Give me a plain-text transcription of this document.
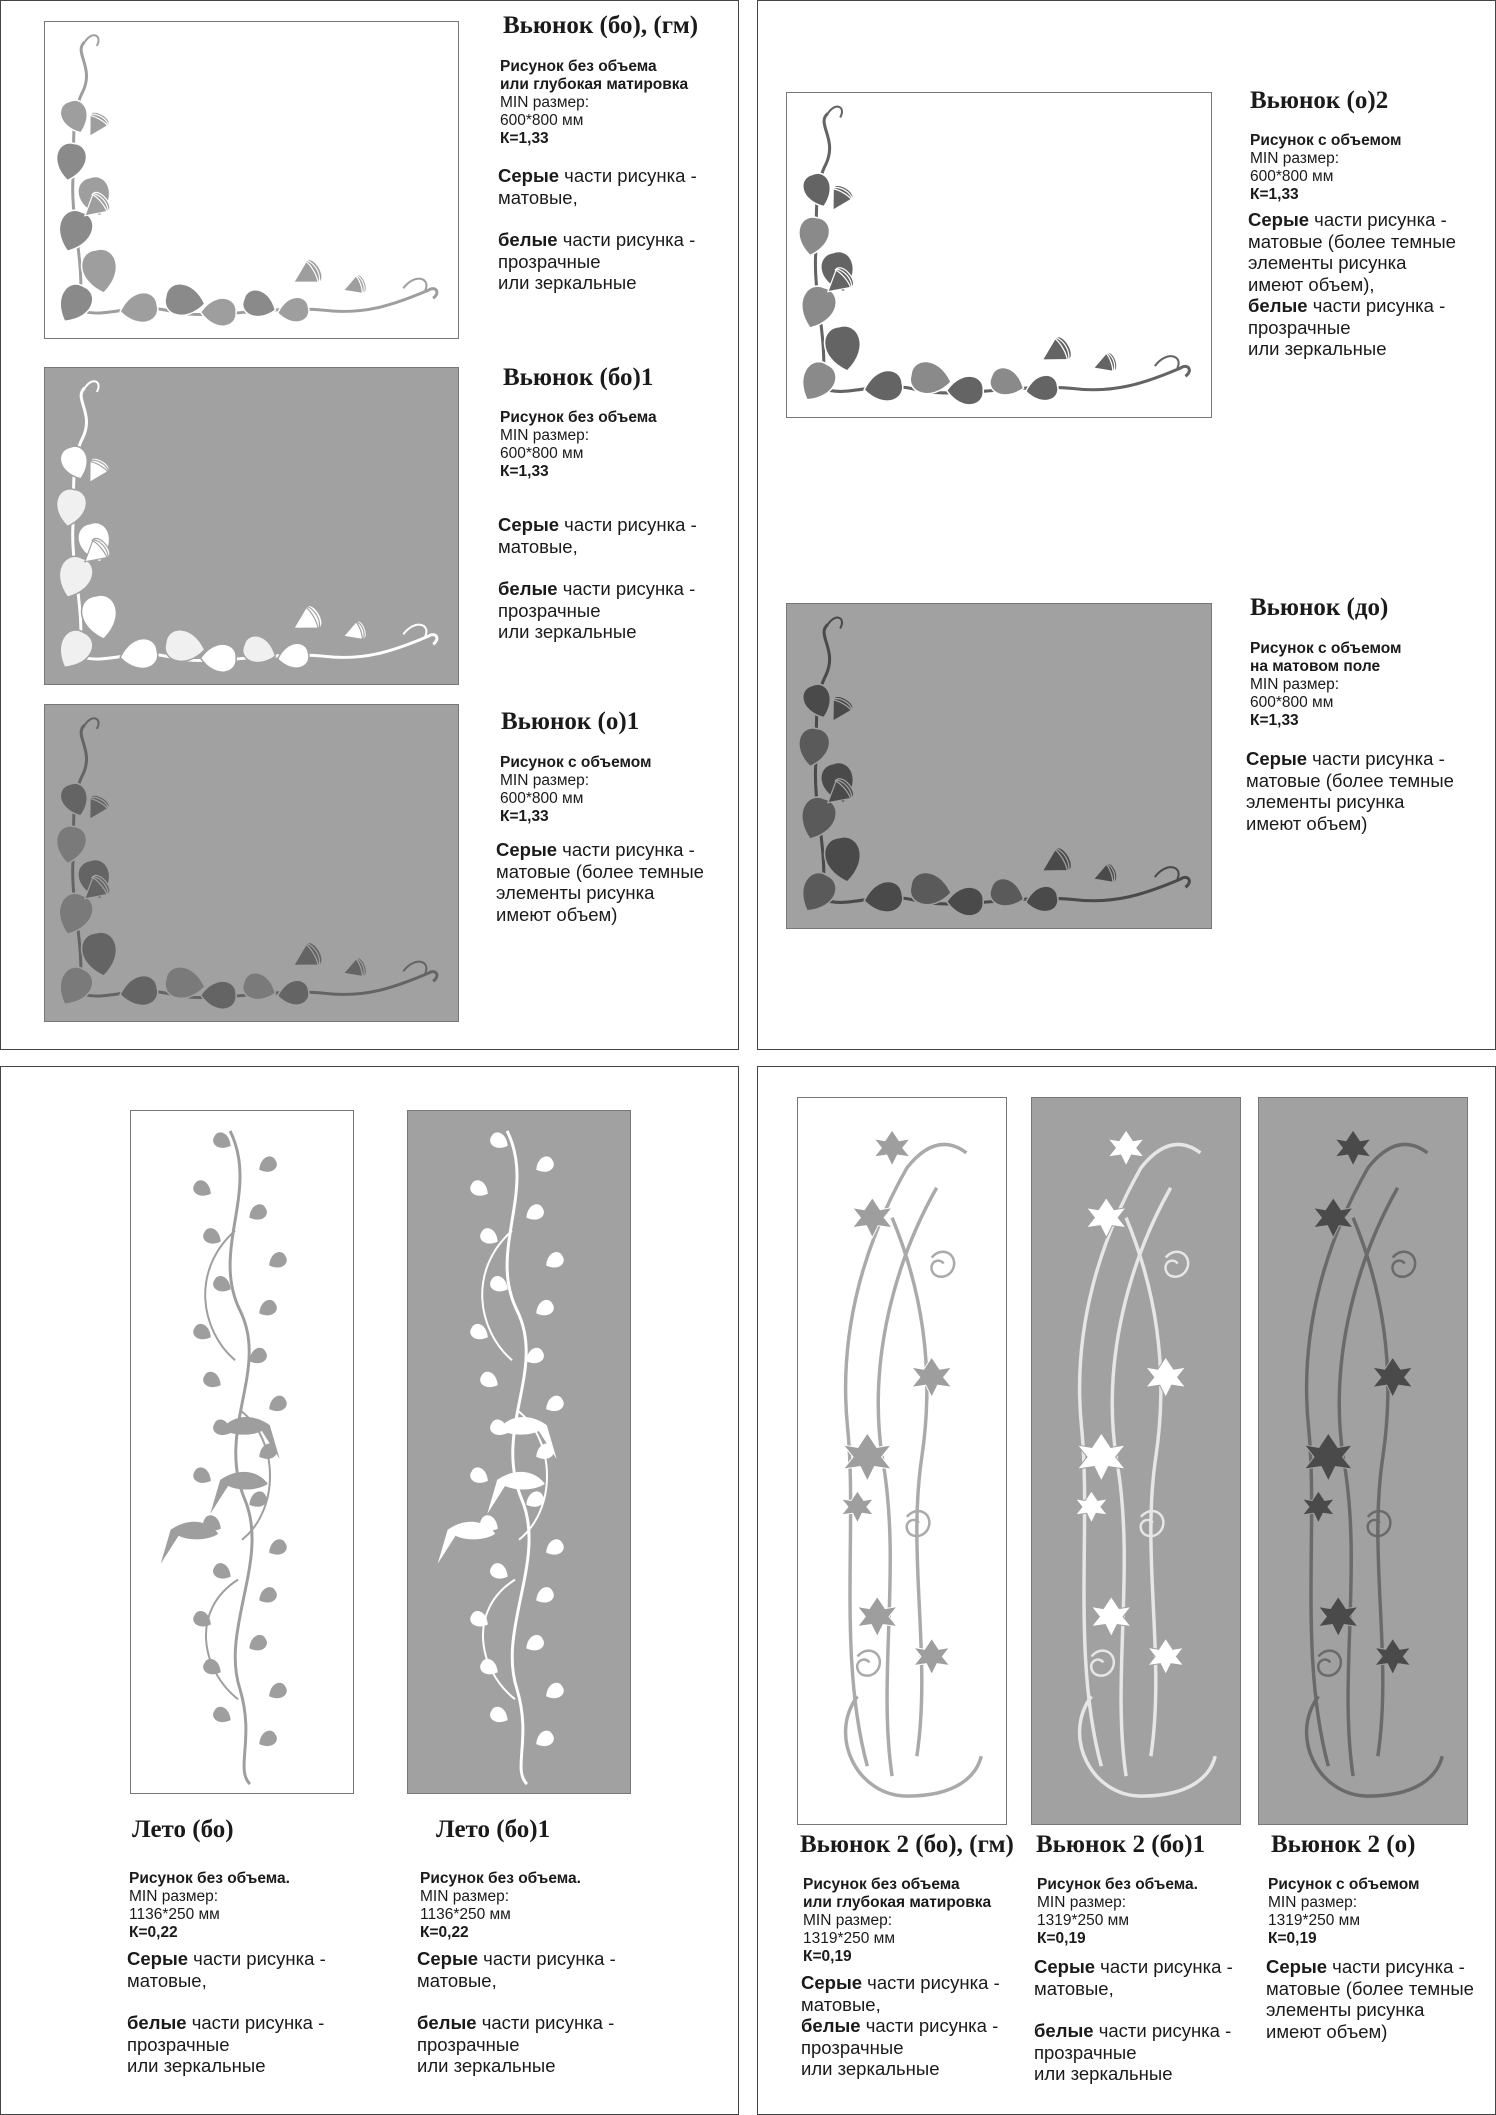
Вьюнок (бо), (гм)
Рисунок без объема
или глубокая матировка
MIN размер:
600*800 мм
К=1,33
Серые части рисунка -
матовые,
белые части рисунка -
прозрачные
или зеркальные
Вьюнок (бо)1
Рисунок без объема
MIN размер:
600*800 мм
К=1,33
Серые части рисунка -
матовые,
белые части рисунка -
прозрачные
или зеркальные
Вьюнок (о)1
Рисунок с объемом
MIN размер:
600*800 мм
К=1,33
Серые части рисунка -
матовые (более темные
элементы рисунка
имеют объем)
Вьюнок (о)2
Рисунок с объемом
MIN размер:
600*800 мм
К=1,33
Серые части рисунка -
матовые (более темные
элементы рисунка
имеют объем),
белые части рисунка -
прозрачные
или зеркальные
Вьюнок (до)
Рисунок с объемом
на матовом поле
MIN размер:
600*800 мм
К=1,33
Серые части рисунка -
матовые (более темные
элементы рисунка
имеют объем)
Лето (бо)
Рисунок без объема.
MIN размер:
1136*250 мм
К=0,22
Серые части рисунка -
матовые,
белые части рисунка -
прозрачные
или зеркальные
Лето (бо)1
Рисунок без объема.
MIN размер:
1136*250 мм
К=0,22
Серые части рисунка -
матовые,
белые части рисунка -
прозрачные
или зеркальные
Вьюнок 2 (бо), (гм)
Рисунок без объема
или глубокая матировка
MIN размер:
1319*250 мм
К=0,19
Серые части рисунка -
матовые,
белые части рисунка -
прозрачные
или зеркальные
Вьюнок 2 (бо)1
Рисунок без объема.
MIN размер:
1319*250 мм
К=0,19
Серые части рисунка -
матовые,
белые части рисунка -
прозрачные
или зеркальные
Вьюнок 2 (о)
Рисунок с объемом
MIN размер:
1319*250 мм
К=0,19
Серые части рисунка -
матовые (более темные
элементы рисунка
имеют объем)
